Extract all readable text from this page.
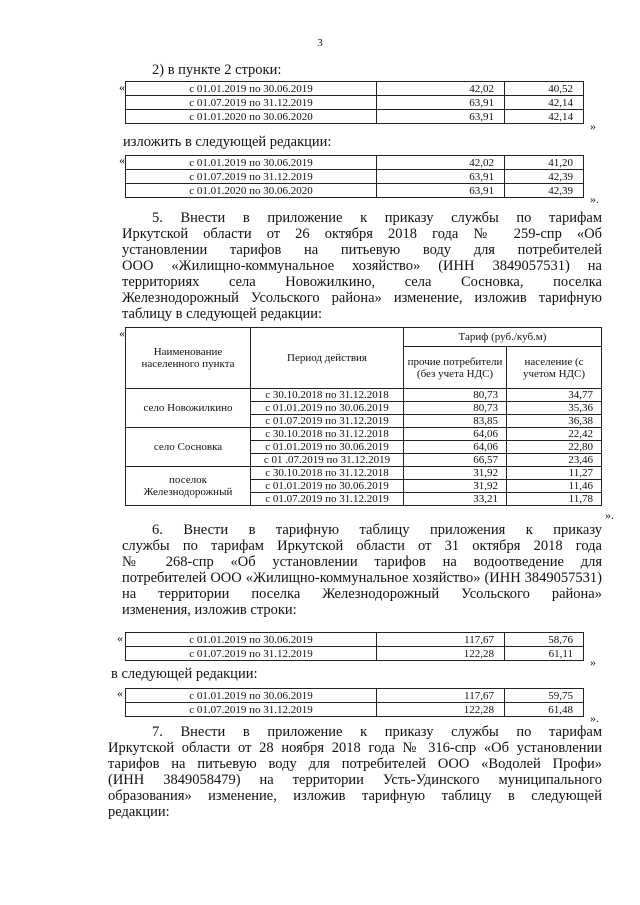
3
2) в пункте 2 строки:
«	с 01.01.2019 по 30.06.2019	42,02	40,52
с 01.07.2019 по 31.12.2019	63,91	42,14
с 01.01.2020 по 30.06.2020	63,91	42,14
»
изложить в следующей редакции:
«	с 01.01.2019 по 30.06.2019	42,02	41,20
с 01.07.2019 по 31.12.2019	63,91	42,39
с 01.01.2020 по 30.06.2020	63,91	42,39
».
5. Внести в приложение к приказу службы по тарифам
Иркутской области от 26 октября 2018 года № 259-спр «Об
установлении тарифов на питьевую воду для потребителей
ООО «Жилищно-коммунальное хозяйство» (ИНН 3849057531) на
территориях села Новожилкино, села Сосновка, поселка
Железнодорожный Усольского района» изменение, изложив тарифную
таблицу в следующей редакции:
«
Наименование населенного пункта	Период действия	Тариф (руб./куб.м)	
		прочие потребители (без учета НДС)	население (с учетом НДС)
село Новожилкино	с 30.10.2018 по 31.12.2018	80,73	34,77
	с 01.01.2019 по 30.06.2019	80,73	35,36
	с 01.07.2019 по 31.12.2019	83,85	36,38
село Сосновка	с 30.10.2018 по 31.12.2018	64,06	22,42
	с 01.01.2019 по 30.06.2019	64,06	22,80
	с 01 .07.2019 по 31.12.2019	66,57	23,46
поселок Железнодорожный	с 30.10.2018 по 31.12.2018	31,92	11,27
	с 01.01.2019 по 30.06.2019	31,92	11,46
	с 01.07.2019 по 31.12.2019	33,21	11,78
».
6. Внести в тарифную таблицу приложения к приказу
службы по тарифам Иркутской области от 31 октября 2018 года
№ 268-спр «Об установлении тарифов на водоотведение для
потребителей ООО «Жилищно-коммунальное хозяйство» (ИНН 3849057531)
на территории поселка Железнодорожный Усольского района»
изменения, изложив строки:
«	с 01.01.2019 по 30.06.2019	117,67	58,76
с 01.07.2019 по 31.12.2019	122,28	61,11
»
в следующей редакции:
«	с 01.01.2019 по 30.06.2019	117,67	59,75
с 01.07.2019 по 31.12.2019	122,28	61,48
».
7. Внести в приложение к приказу службы по тарифам
Иркутской области от 28 ноября 2018 года № 316-спр «Об установлении
тарифов на питьевую воду для потребителей ООО «Водолей Профи»
(ИНН 3849058479) на территории Усть-Удинского муниципального
образования» изменение, изложив тарифную таблицу в следующей
редакции:
